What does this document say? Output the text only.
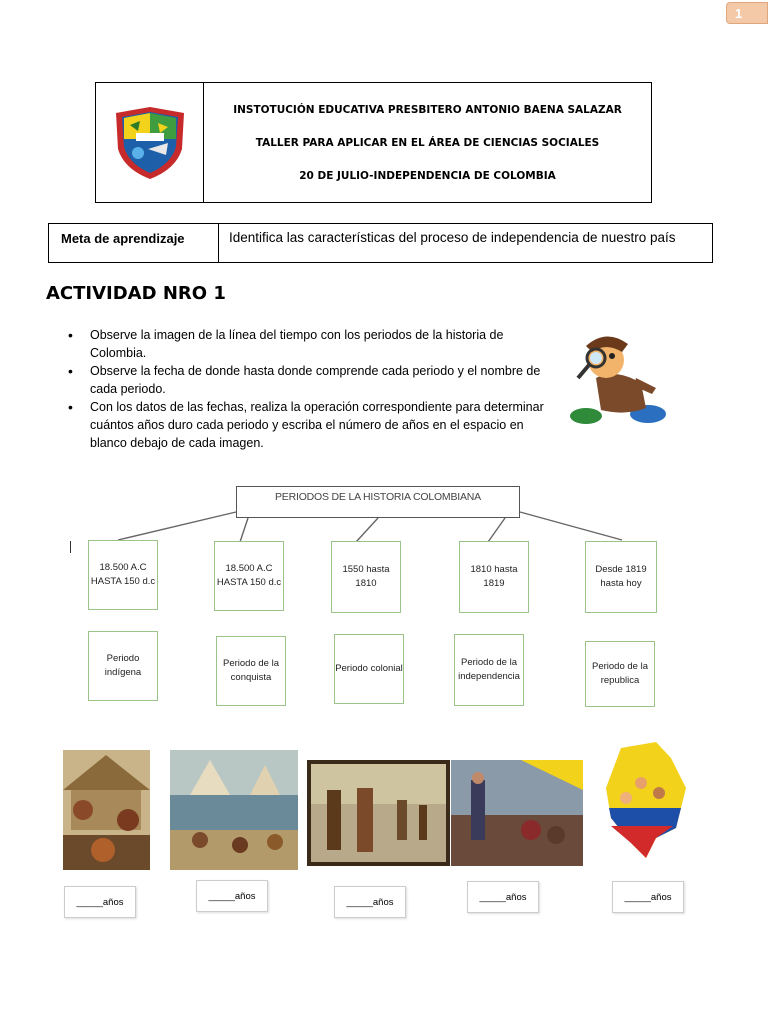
1
INSTOTUCIÓN EDUCATIVA PRESBITERO ANTONIO BAENA SALAZAR
TALLER PARA APLICAR EN EL ÁREA DE CIENCIAS SOCIALES
20 DE JULIO-INDEPENDENCIA DE COLOMBIA
Meta de aprendizaje	Identifica las características del proceso de independencia de nuestro país
ACTIVIDAD NRO 1
• Observe la imagen de la línea del tiempo con los periodos de la historia de Colombia.
• Observe la fecha de donde hasta donde comprende cada periodo y el nombre de cada periodo.
• Con los datos de las fechas, realiza la operación correspondiente para determinar cuántos años duro cada periodo y escriba el número de años en el espacio en blanco debajo de cada imagen.
PERIODOS DE LA HISTORIA COLOMBIANA
18.500 A.C HASTA 150 d.c
18.500 A.C HASTA 150 d.c
1550 hasta 1810
1810 hasta 1819
Desde 1819 hasta hoy
Periodo indígena
Periodo de la conquista
Periodo colonial
Periodo de la independencia
Periodo de la republica
_____años
_____años
_____años	_____años	_____años
